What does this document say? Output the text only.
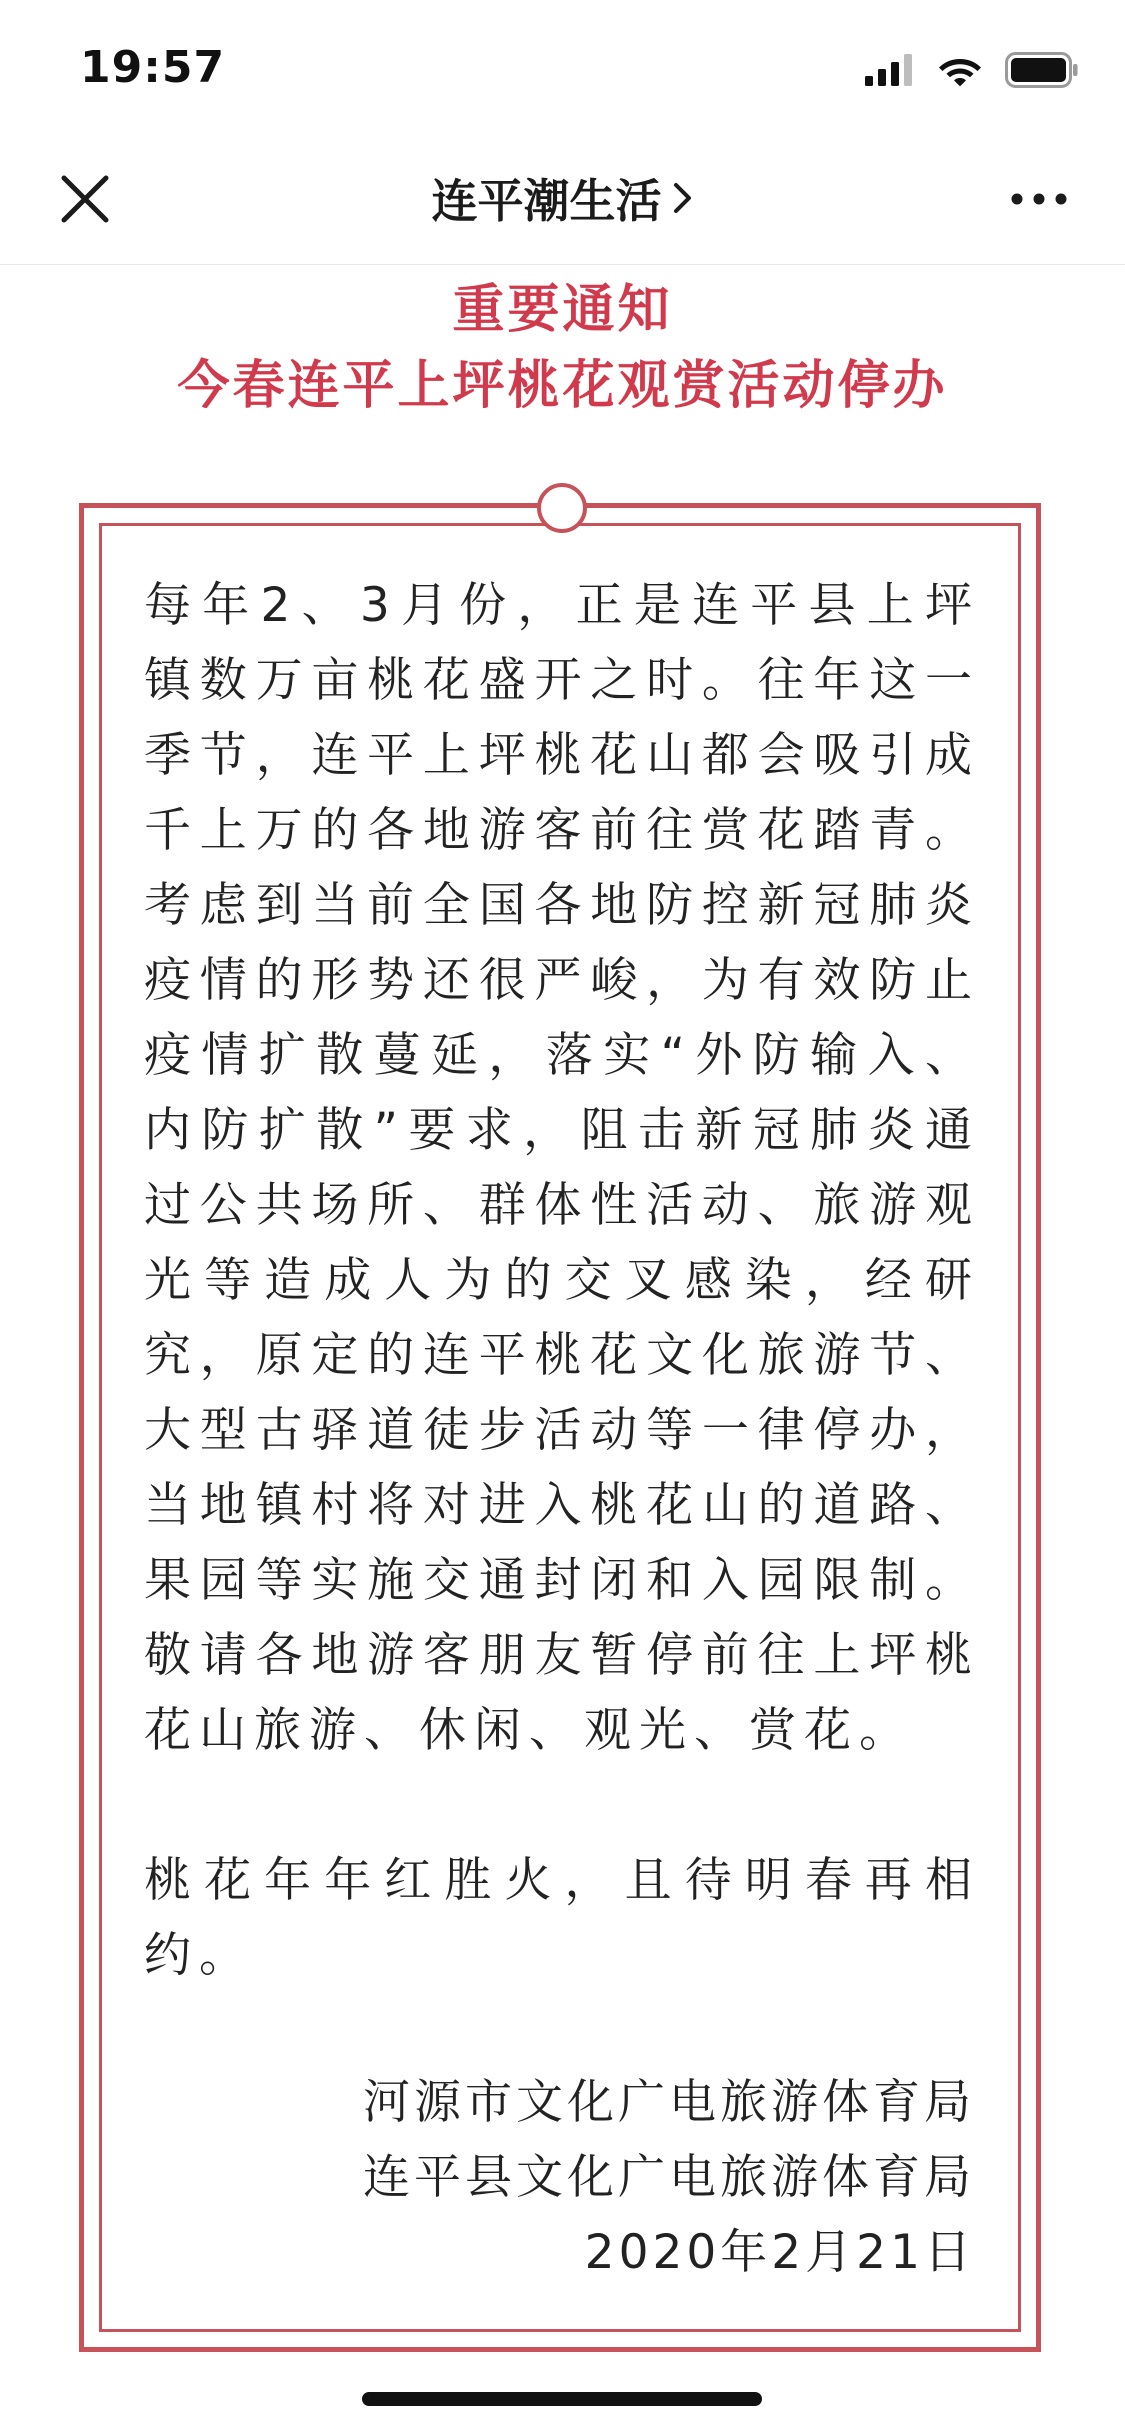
19:57
连平潮生活
重要通知
今春连平上坪桃花观赏活动停办

每年2、3月份，正是连平县上坪镇数万亩桃花盛开之时。往年这一季节，连平上坪桃花山都会吸引成千上万的各地游客前往赏花踏青。考虑到当前全国各地防控新冠肺炎疫情的形势还很严峻，为有效防止疫情扩散蔓延，落实“外防输入、内防扩散”要求，阻击新冠肺炎通过公共场所、群体性活动、旅游观光等造成人为的交叉感染，经研究，原定的连平桃花文化旅游节、大型古驿道徒步活动等一律停办，当地镇村将对进入桃花山的道路、果园等实施交通封闭和入园限制。敬请各地游客朋友暂停前往上坪桃花山旅游、休闲、观光、赏花。

桃花年年红胜火，且待明春再相约。

河源市文化广电旅游体育局
连平县文化广电旅游体育局
2020年2月21日
